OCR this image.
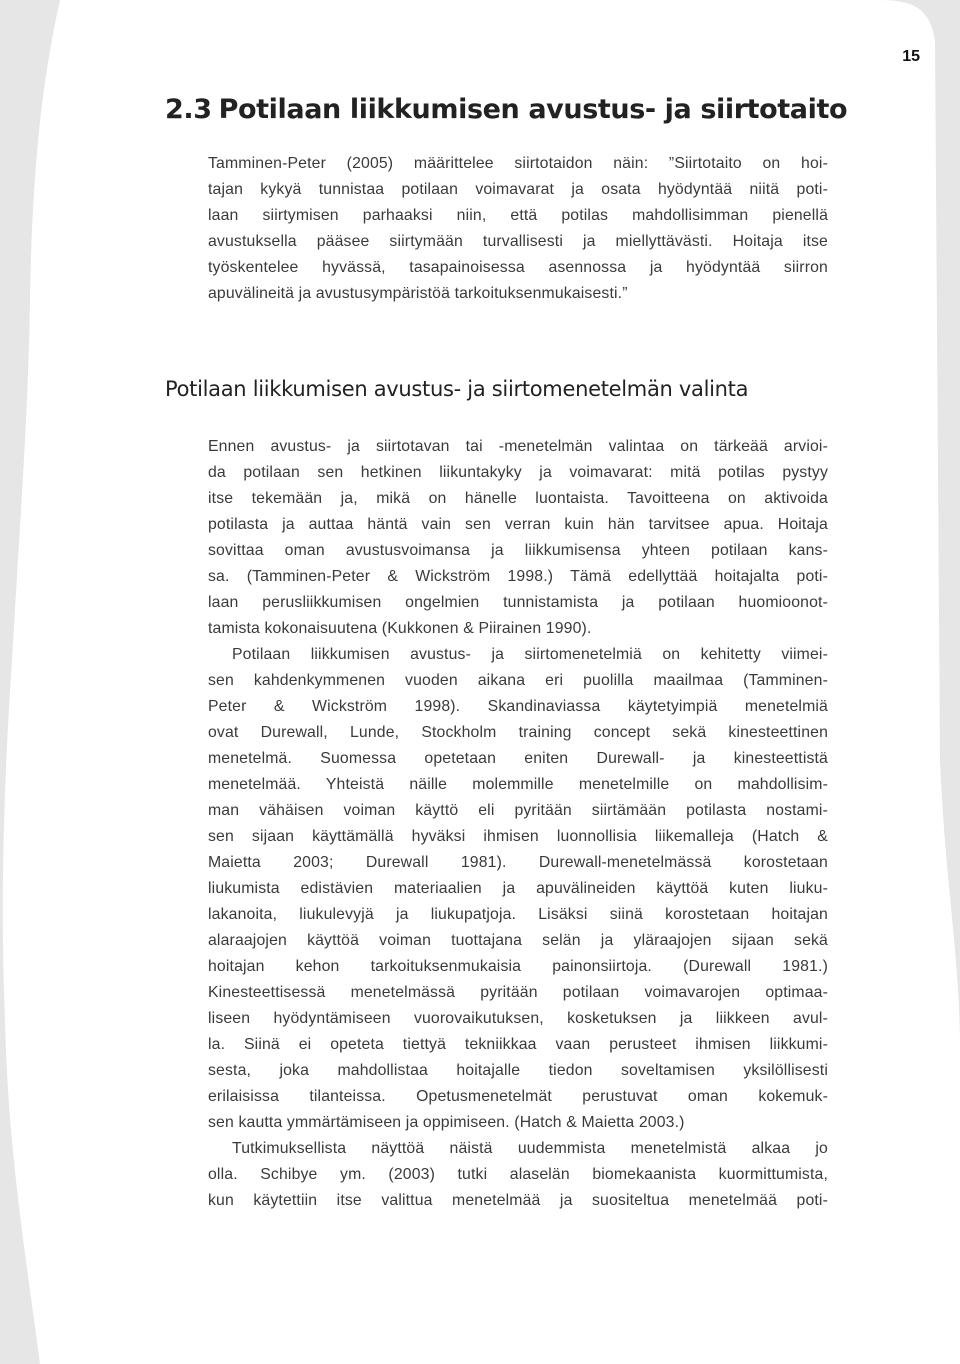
15
2.3 Potilaan liikkumisen avustus- ja siirtotaito

Tamminen-Peter (2005) määrittelee siirtotaidon näin: ”Siirtotaito on hoi-
tajan kykyä tunnistaa potilaan voimavarat ja osata hyödyntää niitä poti-
laan siirtymisen parhaaksi niin, että potilas mahdollisimman pienellä
avustuksella pääsee siirtymään turvallisesti ja miellyttävästi. Hoitaja itse
työskentelee hyvässä, tasapainoisessa asennossa ja hyödyntää siirron
apuvälineitä ja avustusympäristöä tarkoituksenmukaisesti.”

Potilaan liikkumisen avustus- ja siirtomenetelmän valinta

Ennen avustus- ja siirtotavan tai -menetelmän valintaa on tärkeää arvioi-
da potilaan sen hetkinen liikuntakyky ja voimavarat: mitä potilas pystyy
itse tekemään ja, mikä on hänelle luontaista. Tavoitteena on aktivoida
potilasta ja auttaa häntä vain sen verran kuin hän tarvitsee apua. Hoitaja
sovittaa oman avustusvoimansa ja liikkumisensa yhteen potilaan kans-
sa. (Tamminen-Peter & Wickström 1998.) Tämä edellyttää hoitajalta poti-
laan perusliikkumisen ongelmien tunnistamista ja potilaan huomioonot-
tamista kokonaisuutena (Kukkonen & Piirainen 1990).
Potilaan liikkumisen avustus- ja siirtomenetelmiä on kehitetty viimei-
sen kahdenkymmenen vuoden aikana eri puolilla maailmaa (Tamminen-
Peter & Wickström 1998). Skandinaviassa käytetyimpiä menetelmiä
ovat Durewall, Lunde, Stockholm training concept sekä kinesteettinen
menetelmä. Suomessa opetetaan eniten Durewall- ja kinesteettistä
menetelmää. Yhteistä näille molemmille menetelmille on mahdollisim-
man vähäisen voiman käyttö eli pyritään siirtämään potilasta nostami-
sen sijaan käyttämällä hyväksi ihmisen luonnollisia liikemalleja (Hatch &
Maietta 2003; Durewall 1981). Durewall-menetelmässä korostetaan
liukumista edistävien materiaalien ja apuvälineiden käyttöä kuten liuku-
lakanoita, liukulevyjä ja liukupatjoja. Lisäksi siinä korostetaan hoitajan
alaraajojen käyttöä voiman tuottajana selän ja yläraajojen sijaan sekä
hoitajan kehon tarkoituksenmukaisia painonsiirtoja. (Durewall 1981.)
Kinesteettisessä menetelmässä pyritään potilaan voimavarojen optimaa-
liseen hyödyntämiseen vuorovaikutuksen, kosketuksen ja liikkeen avul-
la. Siinä ei opeteta tiettyä tekniikkaa vaan perusteet ihmisen liikkumi-
sesta, joka mahdollistaa hoitajalle tiedon soveltamisen yksilöllisesti
erilaisissa tilanteissa. Opetusmenetelmät perustuvat oman kokemuk-
sen kautta ymmärtämiseen ja oppimiseen. (Hatch & Maietta 2003.)
Tutkimuksellista näyttöä näistä uudemmista menetelmistä alkaa jo
olla. Schibye ym. (2003) tutki alaselän biomekaanista kuormittumista,
kun käytettiin itse valittua menetelmää ja suositeltua menetelmää poti-
